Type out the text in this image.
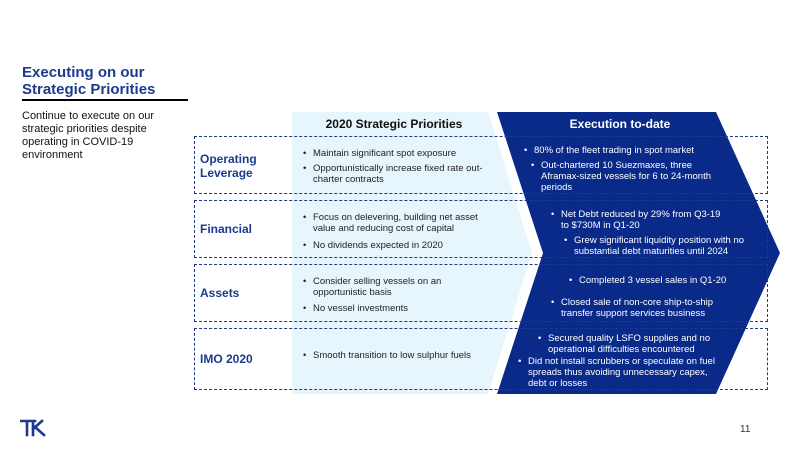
Executing on our Strategic Priorities
Continue to execute on our strategic priorities despite operating in COVID-19 environment
2020 Strategic Priorities	Execution to-date
Operating Leverage
Financial
Assets
IMO 2020
• Maintain significant spot exposure
• Opportunistically increase fixed rate out-charter contracts
• Focus on delevering, building net asset value and reducing cost of capital
• No dividends expected in 2020
• Consider selling vessels on an opportunistic basis
• No vessel investments
• Smooth transition to low sulphur fuels
• 80% of the fleet trading in spot market
• Out-chartered 10 Suezmaxes, three Aframax-sized vessels for 6 to 24-month periods
• Net Debt reduced by 29% from Q3-19 to $730M in Q1-20
• Grew significant liquidity position with no substantial debt maturities until 2024
• Completed 3 vessel sales in Q1-20
• Closed sale of non-core ship-to-ship transfer support services business
• Secured quality LSFO supplies and no operational difficulties encountered
• Did not install scrubbers or speculate on fuel spreads thus avoiding unnecessary capex, debt or losses
11
